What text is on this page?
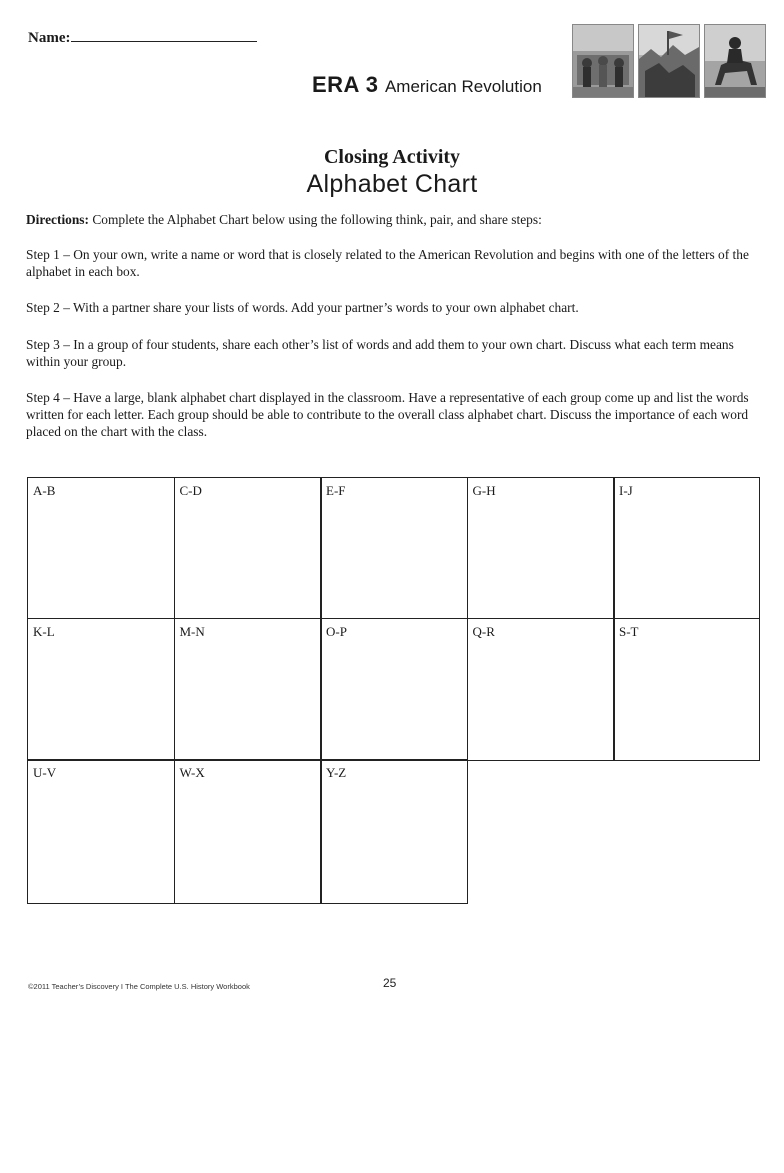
Name:
ERA 3 American Revolution
Closing Activity
Alphabet Chart
Directions: Complete the Alphabet Chart below using the following think, pair, and share steps:
Step 1 – On your own, write a name or word that is closely related to the American Revolution and begins with one of the letters of the alphabet in each box.
Step 2 – With a partner share your lists of words. Add your partner’s words to your own alphabet chart.
Step 3 – In a group of four students, share each other’s list of words and add them to your own chart. Discuss what each term means within your group.
Step 4 – Have a large, blank alphabet chart displayed in the classroom. Have a representative of each group come up and list the words written for each letter. Each group should be able to contribute to the overall class alphabet chart. Discuss the importance of each word placed on the chart with the class.
A-B	C-D	E-F	G-H	I-J
K-L	M-N	O-P	Q-R	S-T
U-V	W-X	Y-Z
©2011 Teacher’s Discovery I The Complete U.S. History Workbook	25
